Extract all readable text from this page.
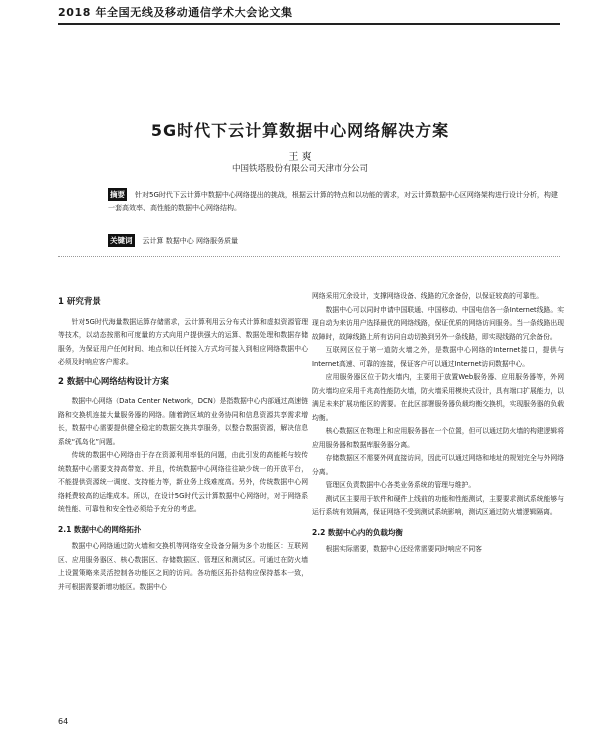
2018 年全国无线及移动通信学术大会论文集
5G时代下云计算数据中心网络解决方案
王 爽
中国铁塔股份有限公司天津市分公司
摘要 针对5G时代下云计算中数据中心网络提出的挑战，根据云计算的特点和以功能的需求，对云计算数据中心区网络架构进行设计分析，构建一套高效率、高性能的数据中心网络结构。
关键词 云计算 数据中心 网络服务质量
1 研究背景

针对5G时代海量数据运算存储需求，云计算利用云分布式计算和虚拟资源管理等技术，以动态按需和可度量的方式向用户提供强大的运算、数据处理和数据存储服务，为保证用户任何时间、地点和以任何接入方式均可接入到相应网络数据中心必须及时响应客户需求。

2 数据中心网络结构设计方案

数据中心网络（Data Center Network，DCN）是指数据中心内部通过高速链路和交换机连接大量服务器的网络。随着跨区域的业务协同和信息资源共享需求增长，数据中心需要提供健全稳定的数据交换共享服务，以整合数据资源，解决信息系统“孤岛化”问题。

传统的数据中心网络由于存在资源利用率低的问题，由此引发的高能耗与较传统数据中心需要支持高带宽、并且，传统数据中心网络往往缺少统一的开放平台，不能提供资源统一调度、支持能力等，新业务上线难度高。另外，传统数据中心网络耗费较高的运维成本。所以，在设计5G时代云计算数据中心网络时，对于网络系统性能、可靠性和安全性必须给予充分的考虑。

2.1 数据中心的网络拓扑

数据中心网络通过防火墙和交换机等网络安全设备分隔为多个功能区：互联网区、应用服务器区、核心数据区、存储数据区、管理区和测试区。可通过在防火墙上设置策略来灵活控制各功能区之间的访问。各功能区拓扑结构应保持基本一致，并可根据需要新增功能区。数据中心

网络采用冗余设计，支撑网络设备、线路的冗余备份，以保证较高的可靠性。

数据中心可以同时申请中国联通、中国移动、中国电信各一条Internet线路。实现自动为来访用户选择最优的网络线路，保证优质的网络访问服务。当一条线路出现故障时，故障线路上所有访问自动切换到另外一条线路，即实现线路的冗余备份。

互联网区位于第一道防火墙之外，是数据中心网络的Internet接口，提供与Internet高速、可靠的连接，保证客户可以通过Internet访问数据中心。

应用服务器区位于防火墙内，主要用于放置Web服务器、应用服务器等，外网防火墙均应采用千兆高性能防火墙，防火墙采用模块式设计，具有端口扩展能力，以满足未来扩展功能区的需要。在此区部署服务器负载均衡交换机，实现服务器的负载均衡。

核心数据区在物理上和应用服务器在一个位置，但可以通过防火墙的构建逻辑将应用服务器和数据库服务器分离。

存储数据区不需要外网直接访问，因此可以通过网络和地址的规划完全与外网络分离。

管理区负责数据中心各类业务系统的管理与维护。

测试区主要用于软件和硬件上线前的功能和性能测试，主要要求测试系统能够与运行系统有效隔离，保证网络不受到测试系统影响，测试区通过防火墙逻辑隔离。

2.2 数据中心内的负载均衡

根据实际需要，数据中心还经常需要同时响应不同客

64
